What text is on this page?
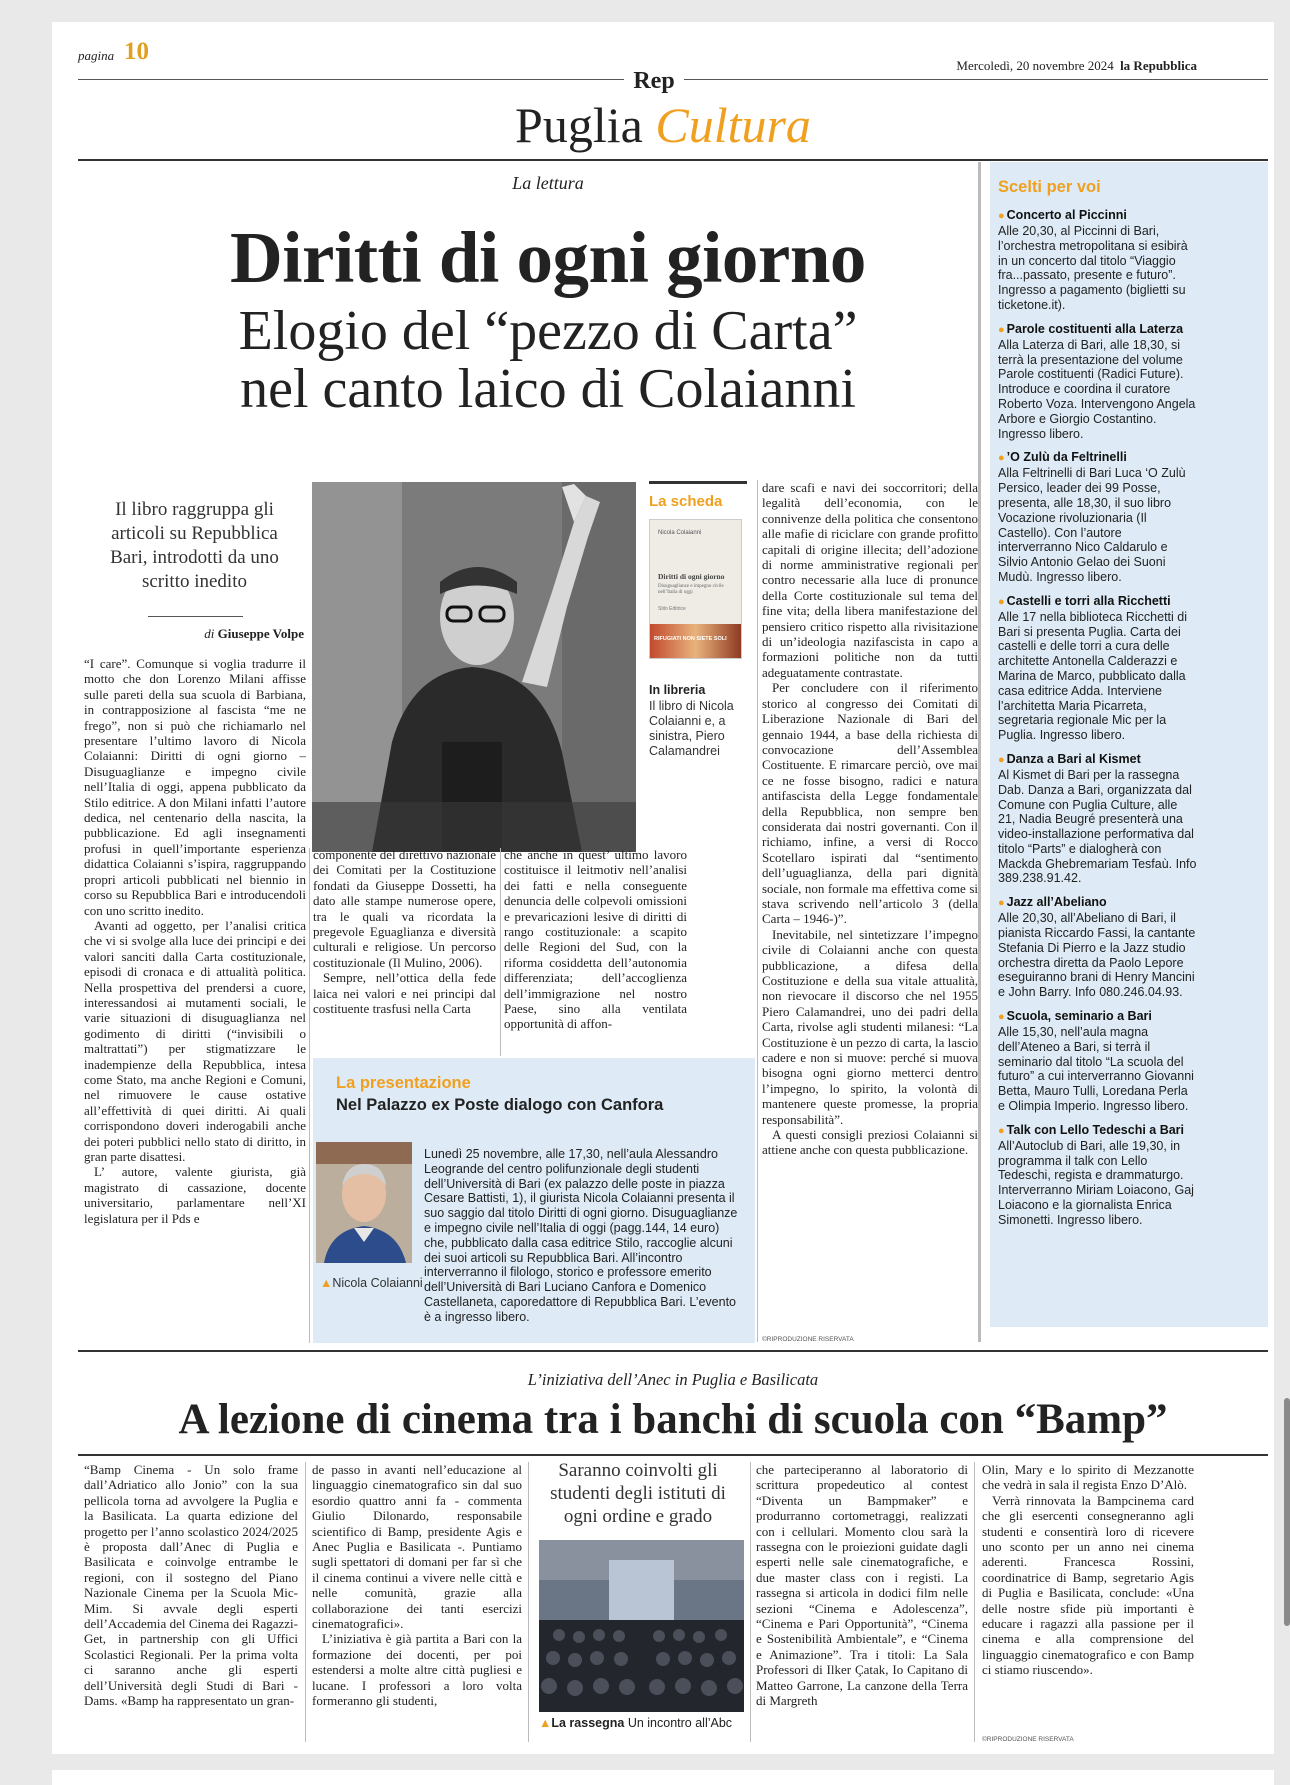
pagina 10
Mercoledì, 20 novembre 2024 la Repubblica
Rep
Puglia Cultura
La lettura
Diritti di ogni giorno
Elogio del “pezzo di Carta”
nel canto laico di Colaianni
Il libro raggruppa gli articoli su Repubblica Bari, introdotti da uno scritto inedito
di Giuseppe Volpe

“I care”. Comunque si voglia tradurre il motto che don Lorenzo Milani affisse sulle pareti della sua scuola di Barbiana, in contrapposizione al fascista “me ne frego”, non si può che richiamarlo nel presentare l’ultimo lavoro di Nicola Colaianni: Diritti di ogni giorno – Disuguaglianze e impegno civile nell’Italia di oggi, appena pubblicato da Stilo editrice. A don Milani infatti l’autore dedica, nel centenario della nascita, la pubblicazione. Ed agli insegnamenti profusi in quell’importante esperienza didattica Colaianni s’ispira, raggruppando propri articoli pubblicati nel biennio in corso su Repubblica Bari e introducendoli con uno scritto inedito.

Avanti ad oggetto, per l’analisi critica che vi si svolge alla luce dei principi e dei valori sanciti dalla Carta costituzionale, episodi di cronaca e di attualità politica. Nella prospettiva del prendersi a cuore, interessandosi ai mutamenti sociali, le varie situazioni di disuguaglianza nel godimento di diritti (“invisibili o maltrattati”) per stigmatizzare le inadempienze della Repubblica, intesa come Stato, ma anche Regioni e Comuni, nel rimuovere le cause ostative all’effettività di quei diritti. Ai quali corrispondono doveri inderogabili anche dei poteri pubblici nello stato di diritto, in gran parte disattesi.

L’ autore, valente giurista, già magistrato di cassazione, docente universitario, parlamentare nell’XI legislatura per il Pds e

La scheda
Nicola Colaianni
Diritti di ogni giorno
Disuguaglianze e impegno civile nell’Italia di oggi
Stilo Editrice
RIFUGIATI NON SIETE SOLI
In libreria
Il libro di Nicola Colaianni e, a sinistra, Piero Calamandrei

componente del direttivo nazionale dei Comitati per la Costituzione fondati da Giuseppe Dossetti, ha dato alle stampe numerose opere, tra le quali va ricordata la pregevole Eguaglianza e diversità culturali e religiose. Un percorso costituzionale (Il Mulino, 2006).

Sempre, nell’ottica della fede laica nei valori e nei principi dal costituente trasfusi nella Carta

che anche in quest’ ultimo lavoro costituisce il leitmotiv nell’analisi dei fatti e nella conseguente denuncia delle colpevoli omissioni e prevaricazioni lesive di diritti di rango costituzionale: a scapito delle Regioni del Sud, con la riforma cosiddetta dell’autonomia differenziata; dell’accoglienza dell’immigrazione nel nostro Paese, sino alla ventilata opportunità di affon-

dare scafi e navi dei soccorritori; della legalità dell’economia, con le connivenze della politica che consentono alle mafie di riciclare con grande profitto capitali di origine illecita; dell’adozione di norme amministrative regionali per contro necessarie alla luce di pronunce della Corte costituzionale sul tema del fine vita; della libera manifestazione del pensiero critico rispetto alla rivisitazione di un’ideologia nazifascista in capo a formazioni politiche non da tutti adeguatamente contrastate.

Per concludere con il riferimento storico al congresso dei Comitati di Liberazione Nazionale di Bari del gennaio 1944, a base della richiesta di convocazione dell’Assemblea Costituente. E rimarcare perciò, ove mai ce ne fosse bisogno, radici e natura antifascista della Legge fondamentale della Repubblica, non sempre ben considerata dai nostri governanti. Con il richiamo, infine, a versi di Rocco Scotellaro ispirati dal “sentimento dell’uguaglianza, della pari dignità sociale, non formale ma effettiva come si stava scrivendo nell’articolo 3 (della Carta – 1946-)”.

Inevitabile, nel sintetizzare l’impegno civile di Colaianni anche con questa pubblicazione, a difesa della Costituzione e della sua vitale attualità, non rievocare il discorso che nel 1955 Piero Calamandrei, uno dei padri della Carta, rivolse agli studenti milanesi: “La Costituzione è un pezzo di carta, la lascio cadere e non si muove: perché si muova bisogna ogni giorno metterci dentro l’impegno, lo spirito, la volontà di mantenere queste promesse, la propria responsabilità”.

A questi consigli preziosi Colaianni si attiene anche con questa pubblicazione.

©RIPRODUZIONE RISERVATA
La presentazione
Nel Palazzo ex Poste dialogo con Canfora
▲Nicola Colaianni
Lunedì 25 novembre, alle 17,30, nell’aula Alessandro Leogrande del centro polifunzionale degli studenti dell’Università di Bari (ex palazzo delle poste in piazza Cesare Battisti, 1), il giurista Nicola Colaianni presenta il suo saggio dal titolo Diritti di ogni giorno. Disuguaglianze e impegno civile nell’Italia di oggi (pagg.144, 14 euro) che, pubblicato dalla casa editrice Stilo, raccoglie alcuni dei suoi articoli su Repubblica Bari. All’incontro interverranno il filologo, storico e professore emerito dell’Università di Bari Luciano Canfora e Domenico Castellaneta, caporedattore di Repubblica Bari. L’evento è a ingresso libero.
Scelti per voi
● Concerto al Piccinni
Alle 20,30, al Piccinni di Bari, l’orchestra metropolitana si esibirà in un concerto dal titolo “Viaggio fra...passato, presente e futuro”. Ingresso a pagamento (biglietti su ticketone.it).
● Parole costituenti alla Laterza
Alla Laterza di Bari, alle 18,30, si terrà la presentazione del volume Parole costituenti (Radici Future). Introduce e coordina il curatore Roberto Voza. Intervengono Angela Arbore e Giorgio Costantino. Ingresso libero.
● ’O Zulù da Feltrinelli
Alla Feltrinelli di Bari Luca ‘O Zulù Persico, leader dei 99 Posse, presenta, alle 18,30, il suo libro Vocazione rivoluzionaria (Il Castello). Con l’autore interverranno Nico Caldarulo e Silvio Antonio Gelao dei Suoni Mudù. Ingresso libero.
● Castelli e torri alla Ricchetti
Alle 17 nella biblioteca Ricchetti di Bari si presenta Puglia. Carta dei castelli e delle torri a cura delle architette Antonella Calderazzi e Marina de Marco, pubblicato dalla casa editrice Adda. Interviene l’architetta Maria Picarreta, segretaria regionale Mic per la Puglia. Ingresso libero.
● Danza a Bari al Kismet
Al Kismet di Bari per la rassegna Dab. Danza a Bari, organizzata dal Comune con Puglia Culture, alle 21, Nadia Beugré presenterà una video-installazione performativa dal titolo “Parts” e dialogherà con Mackda Ghebremariam Tesfaù. Info 389.238.91.42.
● Jazz all’Abeliano
Alle 20,30, all’Abeliano di Bari, il pianista Riccardo Fassi, la cantante Stefania Di Pierro e la Jazz studio orchestra diretta da Paolo Lepore eseguiranno brani di Henry Mancini e John Barry. Info 080.246.04.93.
● Scuola, seminario a Bari
Alle 15,30, nell’aula magna dell’Ateneo a Bari, si terrà il seminario dal titolo “La scuola del futuro” a cui interverranno Giovanni Betta, Mauro Tulli, Loredana Perla e Olimpia Imperio. Ingresso libero.
● Talk con Lello Tedeschi a Bari
All’Autoclub di Bari, alle 19,30, in programma il talk con Lello Tedeschi, regista e drammaturgo. Interverranno Miriam Loiacono, Gaj Loiacono e la giornalista Enrica Simonetti. Ingresso libero.
L’iniziativa dell’Anec in Puglia e Basilicata
A lezione di cinema tra i banchi di scuola con “Bamp”

“Bamp Cinema - Un solo frame dall’Adriatico allo Jonio” con la sua pellicola torna ad avvolgere la Puglia e la Basilicata. La quarta edizione del progetto per l’anno scolastico 2024/2025 è proposta dall’Anec di Puglia e Basilicata e coinvolge entrambe le regioni, con il sostegno del Piano Nazionale Cinema per la Scuola Mic-Mim. Si avvale degli esperti dell’Accademia del Cinema dei Ragazzi- Get, in partnership con gli Uffici Scolastici Regionali. Per la prima volta ci saranno anche gli esperti dell’Università degli Studi di Bari - Dams. «Bamp ha rappresentato un gran-

de passo in avanti nell’educazione al linguaggio cinematografico sin dal suo esordio quattro anni fa - commenta Giulio Dilonardo, responsabile scientifico di Bamp, presidente Agis e Anec Puglia e Basilicata -. Puntiamo sugli spettatori di domani per far sì che il cinema continui a vivere nelle città e nelle comunità, grazie alla collaborazione dei tanti esercizi cinematografici».

L’iniziativa è già partita a Bari con la formazione dei docenti, per poi estendersi a molte altre città pugliesi e lucane. I professori a loro volta formeranno gli studenti,

Saranno coinvolti gli studenti degli istituti di ogni ordine e grado
▲La rassegna Un incontro all’Abc

che parteciperanno al laboratorio di scrittura propedeutico al contest “Diventa un Bampmaker” e produrranno cortometraggi, realizzati con i cellulari. Momento clou sarà la rassegna con le proiezioni guidate dagli esperti nelle sale cinematografiche, e due master class con i registi. La rassegna si articola in dodici film nelle sezioni “Cinema e Adolescenza”, “Cinema e Pari Opportunità”, “Cinema e Sostenibilità Ambientale”, e “Cinema e Animazione”. Tra i titoli: La Sala Professori di Ilker Çatak, Io Capitano di Matteo Garrone, La canzone della Terra di Margreth

Olin, Mary e lo spirito di Mezzanotte che vedrà in sala il regista Enzo D’Alò.

Verrà rinnovata la Bampcinema card che gli esercenti consegneranno agli studenti e consentirà loro di ricevere uno sconto per un anno nei cinema aderenti. Francesca Rossini, coordinatrice di Bamp, segretario Agis di Puglia e Basilicata, conclude: «Una delle nostre sfide più importanti è educare i ragazzi alla passione per il cinema e alla comprensione del linguaggio cinematografico e con Bamp ci stiamo riuscendo».

©RIPRODUZIONE RISERVATA
